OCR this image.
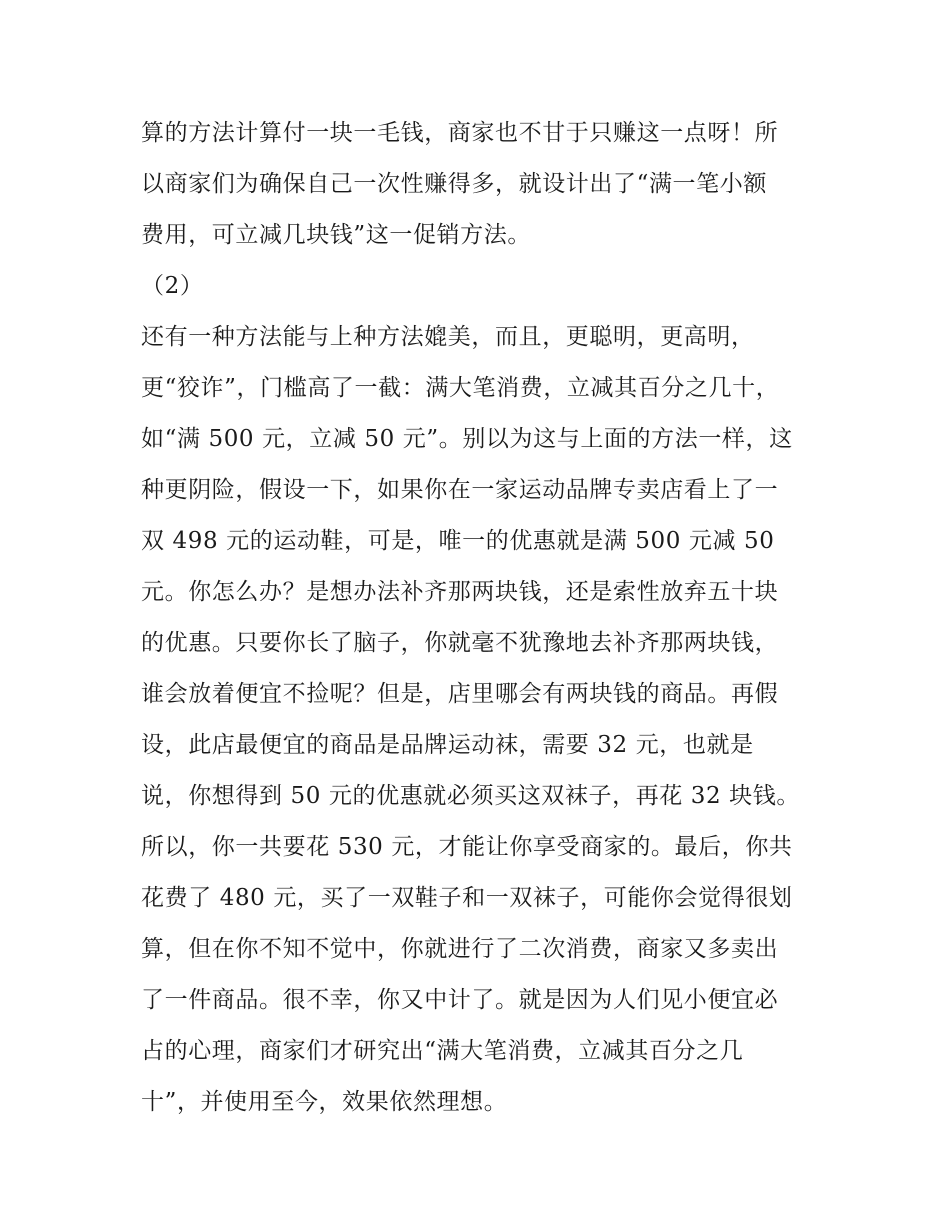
算的方法计算付一块一毛钱，商家也不甘于只赚这一点呀！所
以商家们为确保自己一次性赚得多，就设计出了“满一笔小额
费用，可立减几块钱”这一促销方法。
（2）
还有一种方法能与上种方法媲美，而且，更聪明，更高明，
更“狡诈”，门槛高了一截：满大笔消费，立减其百分之几十，
如“满 500 元，立减 50 元”。别以为这与上面的方法一样，这
种更阴险，假设一下，如果你在一家运动品牌专卖店看上了一
双 498 元的运动鞋，可是，唯一的优惠就是满 500 元减 50
元。你怎么办？是想办法补齐那两块钱，还是索性放弃五十块
的优惠。只要你长了脑子，你就毫不犹豫地去补齐那两块钱，
谁会放着便宜不捡呢？但是，店里哪会有两块钱的商品。再假
设，此店最便宜的商品是品牌运动袜，需要 32 元，也就是
说，你想得到 50 元的优惠就必须买这双袜子，再花 32 块钱。
所以，你一共要花 530 元，才能让你享受商家的。最后，你共
花费了 480 元，买了一双鞋子和一双袜子，可能你会觉得很划
算，但在你不知不觉中，你就进行了二次消费，商家又多卖出
了一件商品。很不幸，你又中计了。就是因为人们见小便宜必
占的心理，商家们才研究出“满大笔消费，立减其百分之几
十”，并使用至今，效果依然理想。
